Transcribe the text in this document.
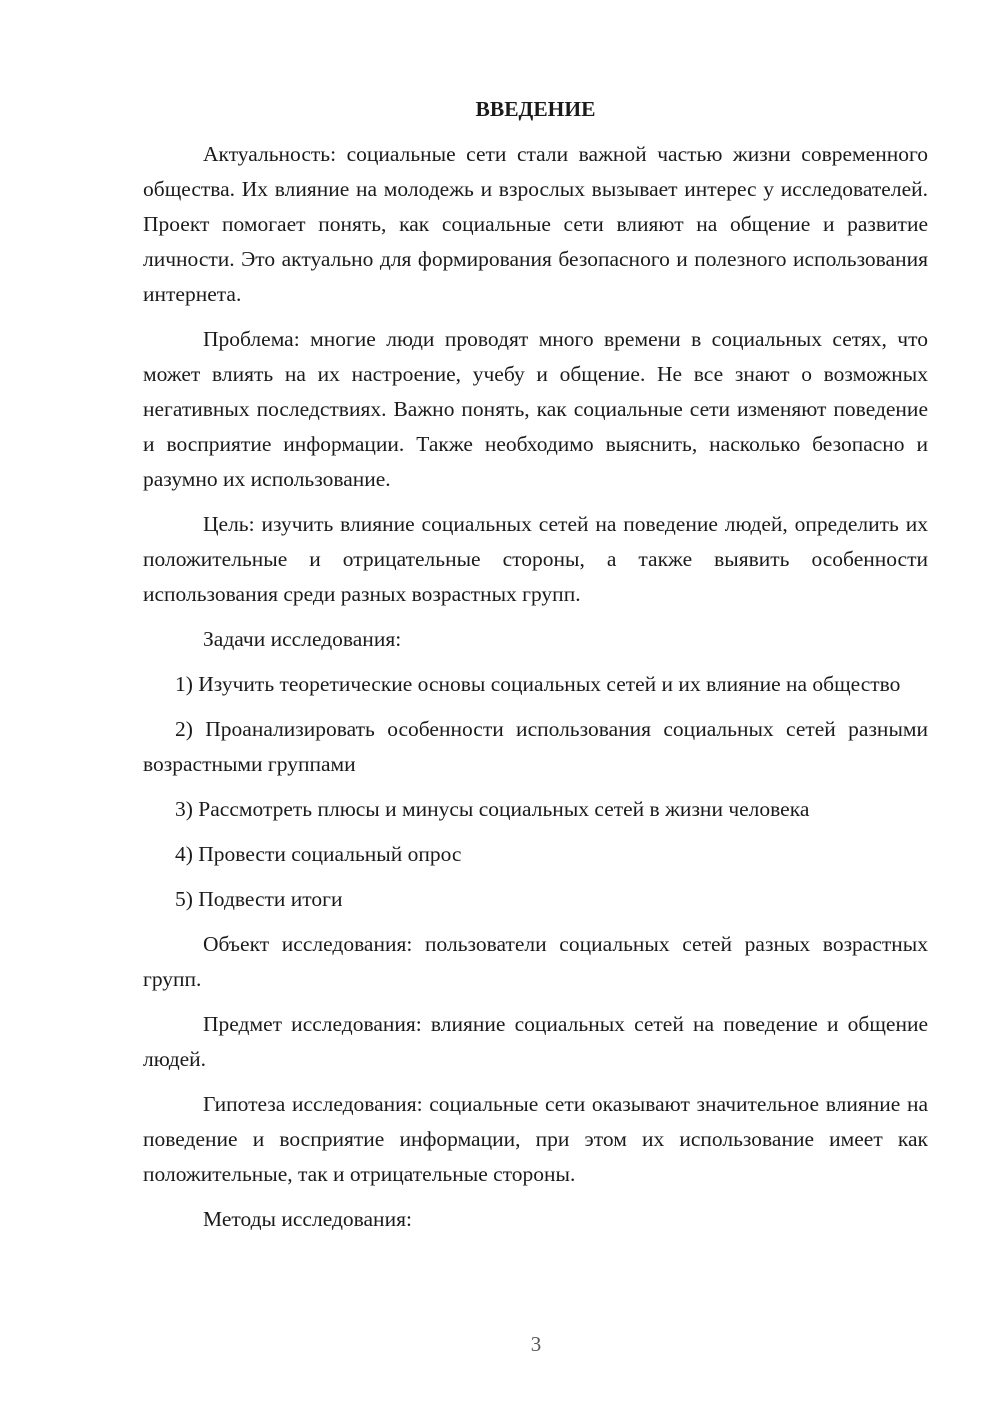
ВВЕДЕНИЕ

Актуальность: социальные сети стали важной частью жизни современного общества. Их влияние на молодежь и взрослых вызывает интерес у исследователей. Проект помогает понять, как социальные сети влияют на общение и развитие личности. Это актуально для формирования безопасного и полезного использования интернета.

Проблема: многие люди проводят много времени в социальных сетях, что может влиять на их настроение, учебу и общение. Не все знают о возможных негативных последствиях. Важно понять, как социальные сети изменяют поведение и восприятие информации. Также необходимо выяснить, насколько безопасно и разумно их использование.

Цель: изучить влияние социальных сетей на поведение людей, определить их положительные и отрицательные стороны, а также выявить особенности использования среди разных возрастных групп.

Задачи исследования:

1) Изучить теоретические основы социальных сетей и их влияние на общество

2) Проанализировать особенности использования социальных сетей разными возрастными группами

3) Рассмотреть плюсы и минусы социальных сетей в жизни человека

4) Провести социальный опрос

5) Подвести итоги

Объект исследования: пользователи социальных сетей разных возрастных групп.

Предмет исследования: влияние социальных сетей на поведение и общение людей.

Гипотеза исследования: социальные сети оказывают значительное влияние на поведение и восприятие информации, при этом их использование имеет как положительные, так и отрицательные стороны.

Методы исследования:

3
